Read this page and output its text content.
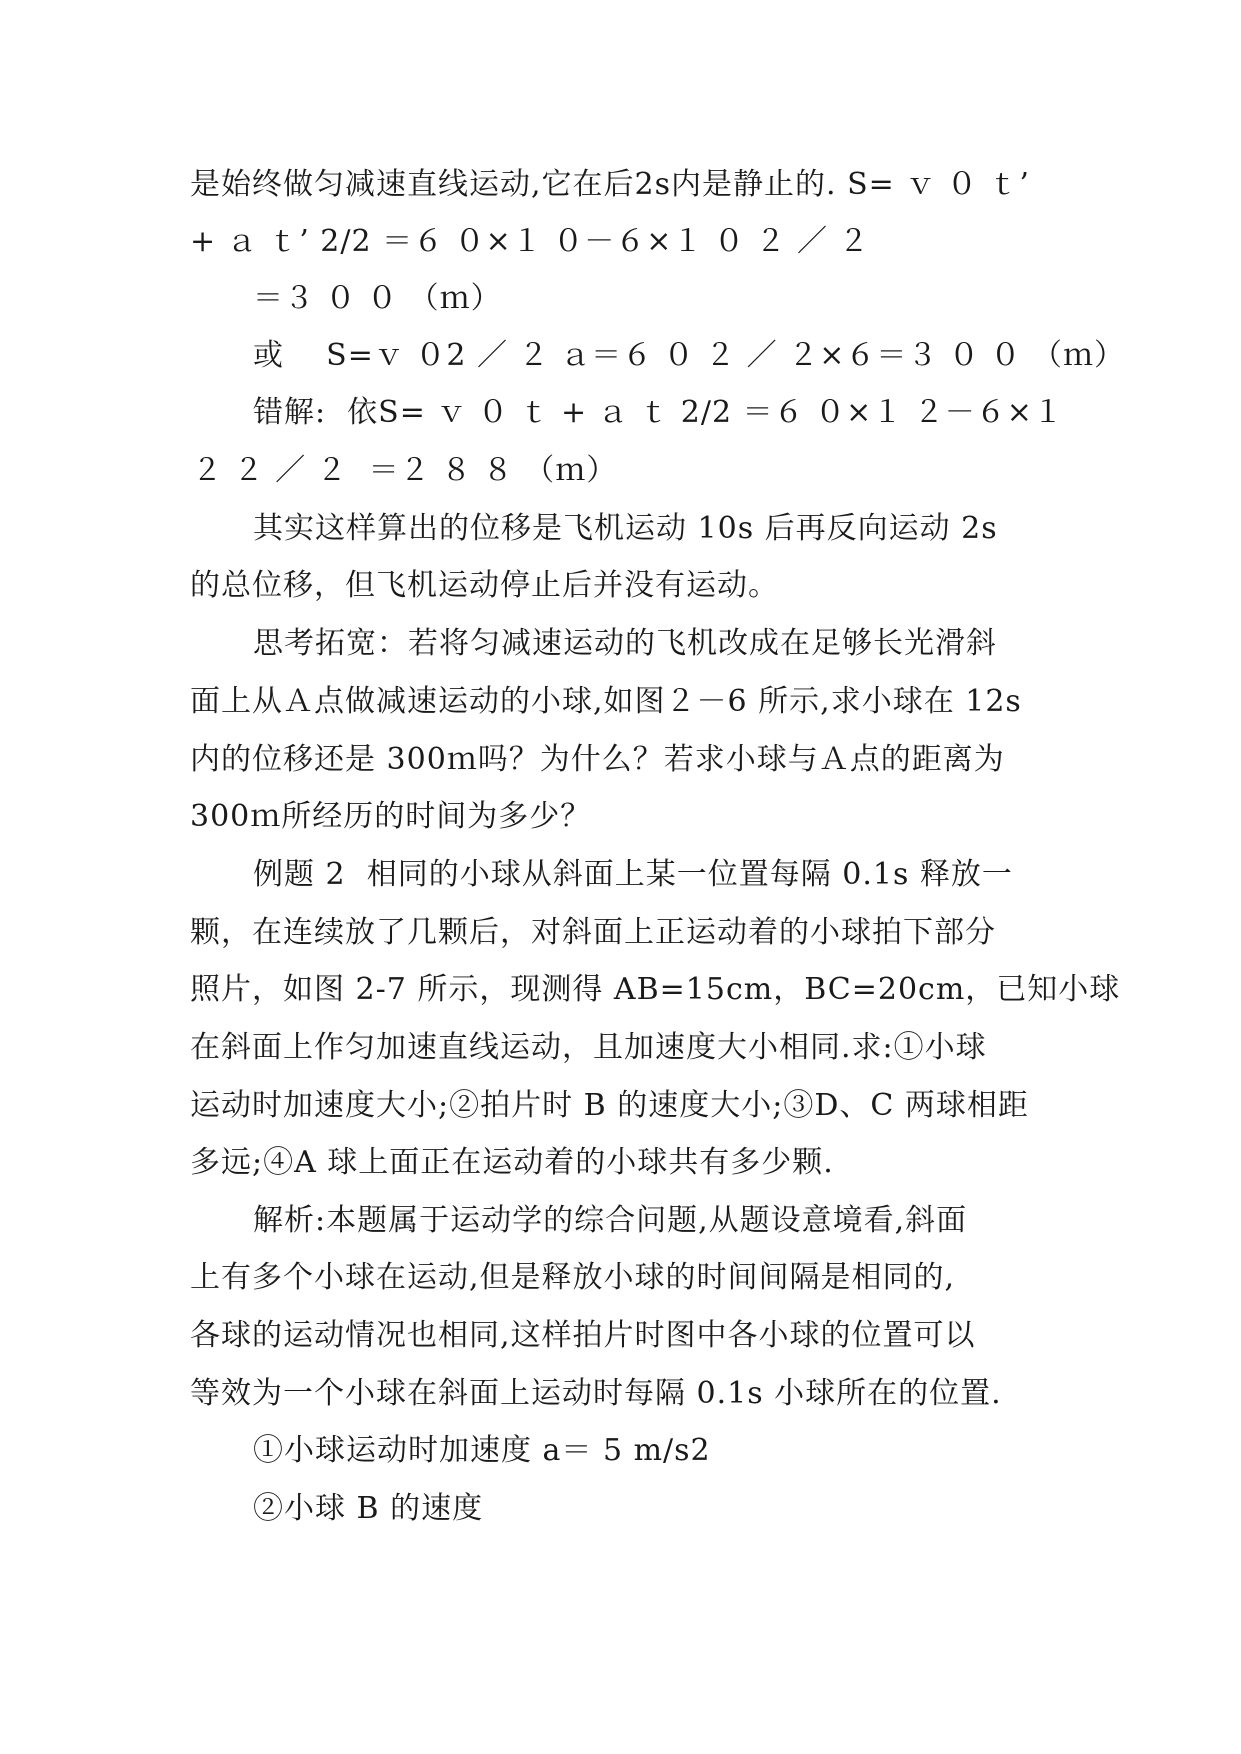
是始终做匀减速直线运动,它在后2s内是静止的. S= ｖ ０ ｔ’
+ ａ ｔ’ 2/2 ＝６ ０×１ ０－６×１ ０ ２ ／ ２
＝３ ０ ０ （ｍ）
或    S=ｖ ０2 ／ ２ ａ＝６ ０ ２ ／ ２×６＝３ ０ ０ （ｍ）
错解:  依S= ｖ ０ ｔ + ａ ｔ 2/2 ＝６ ０×１ ２－６×１
２ ２ ／ ２  ＝２ ８ ８ （ｍ）
其实这样算出的位移是飞机运动 10s 后再反向运动 2s
的总位移，但飞机运动停止后并没有运动。
思考拓宽：若将匀减速运动的飞机改成在足够长光滑斜
面上从Ａ点做减速运动的小球,如图２－6 所示,求小球在 12s
内的位移还是 300ｍ吗？为什么？若求小球与Ａ点的距离为
300ｍ所经历的时间为多少？
例题 2  相同的小球从斜面上某一位置每隔 0.1s 释放一
颗，在连续放了几颗后，对斜面上正运动着的小球拍下部分
照片，如图 2-7 所示，现测得 AB=15cm，BC=20cm，已知小球
在斜面上作匀加速直线运动，且加速度大小相同.求:①小球
运动时加速度大小;②拍片时 B 的速度大小;③D、C 两球相距
多远;④A 球上面正在运动着的小球共有多少颗.
解析:本题属于运动学的综合问题,从题设意境看,斜面
上有多个小球在运动,但是释放小球的时间间隔是相同的,
各球的运动情况也相同,这样拍片时图中各小球的位置可以
等效为一个小球在斜面上运动时每隔 0.1s 小球所在的位置.
①小球运动时加速度 a＝ 5 m/s2
②小球 B 的速度
